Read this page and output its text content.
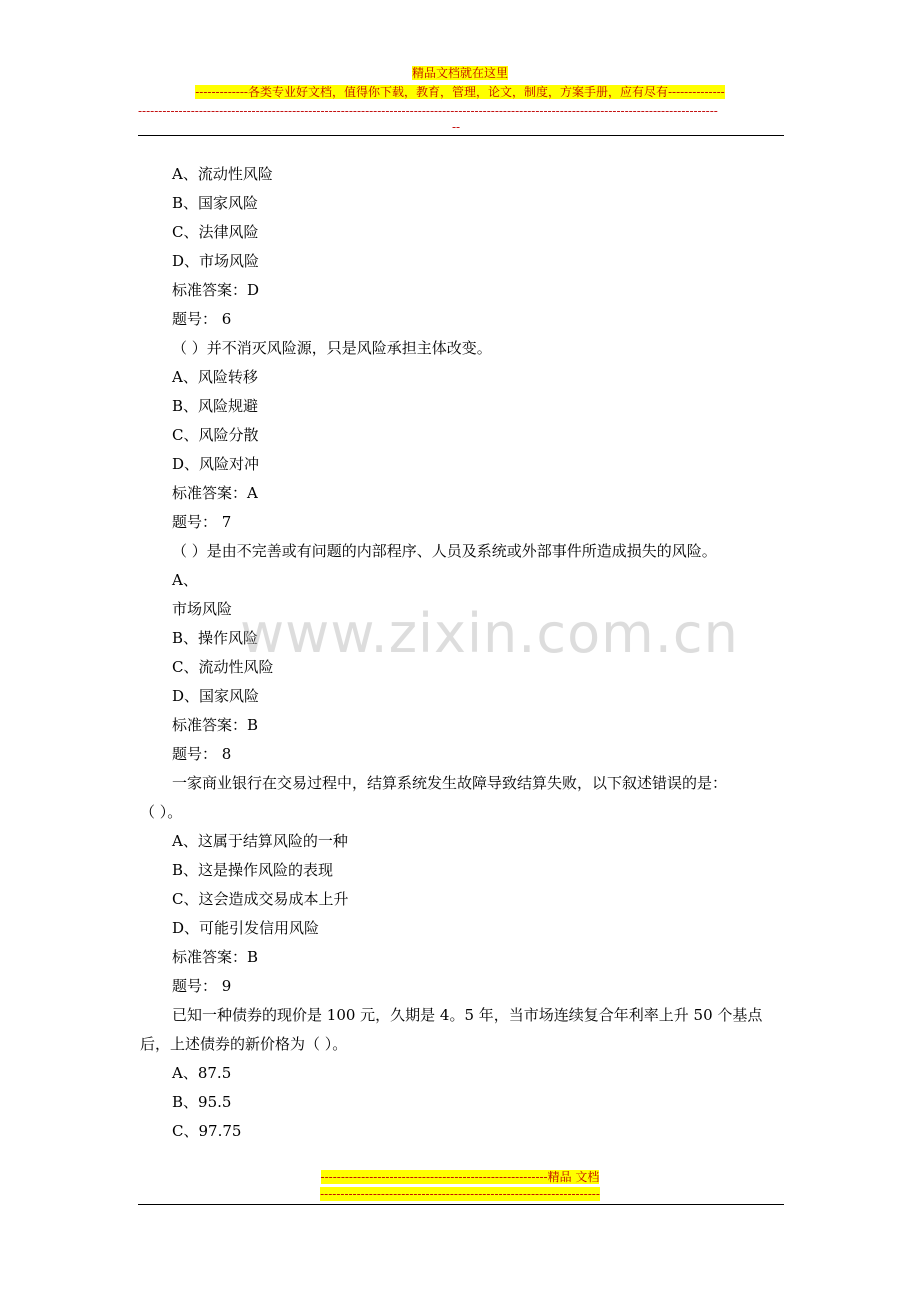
精品文档就在这里
-------------各类专业好文档，值得你下载，教育，管理，论文，制度，方案手册，应有尽有--------------
-----------------------------------------------------------------------------------------------------------------------------------------------
--
A、流动性风险
B、国家风险
C、法律风险
D、市场风险
标准答案：D
题号： 6
（ ）并不消灭风险源，只是风险承担主体改变。
A、风险转移
B、风险规避
C、风险分散
D、风险对冲
标准答案：A
题号： 7
（ ）是由不完善或有问题的内部程序、人员及系统或外部事件所造成损失的风险。
A、
市场风险
B、操作风险
C、流动性风险
D、国家风险
标准答案：B
题号： 8
一家商业银行在交易过程中，结算系统发生故障导致结算失败，以下叙述错误的是：
（ ）。
A、这属于结算风险的一种
B、这是操作风险的表现
C、这会造成交易成本上升
D、可能引发信用风险
标准答案：B
题号： 9
已知一种债券的现价是 100 元，久期是 4。5 年，当市场连续复合年利率上升 50 个基点
后，上述债券的新价格为（ ）。
A、87.5
B、95.5
C、97.75
www.zixin.com.cn
--------------------------------------------------------精品 文档
---------------------------------------------------------------------
